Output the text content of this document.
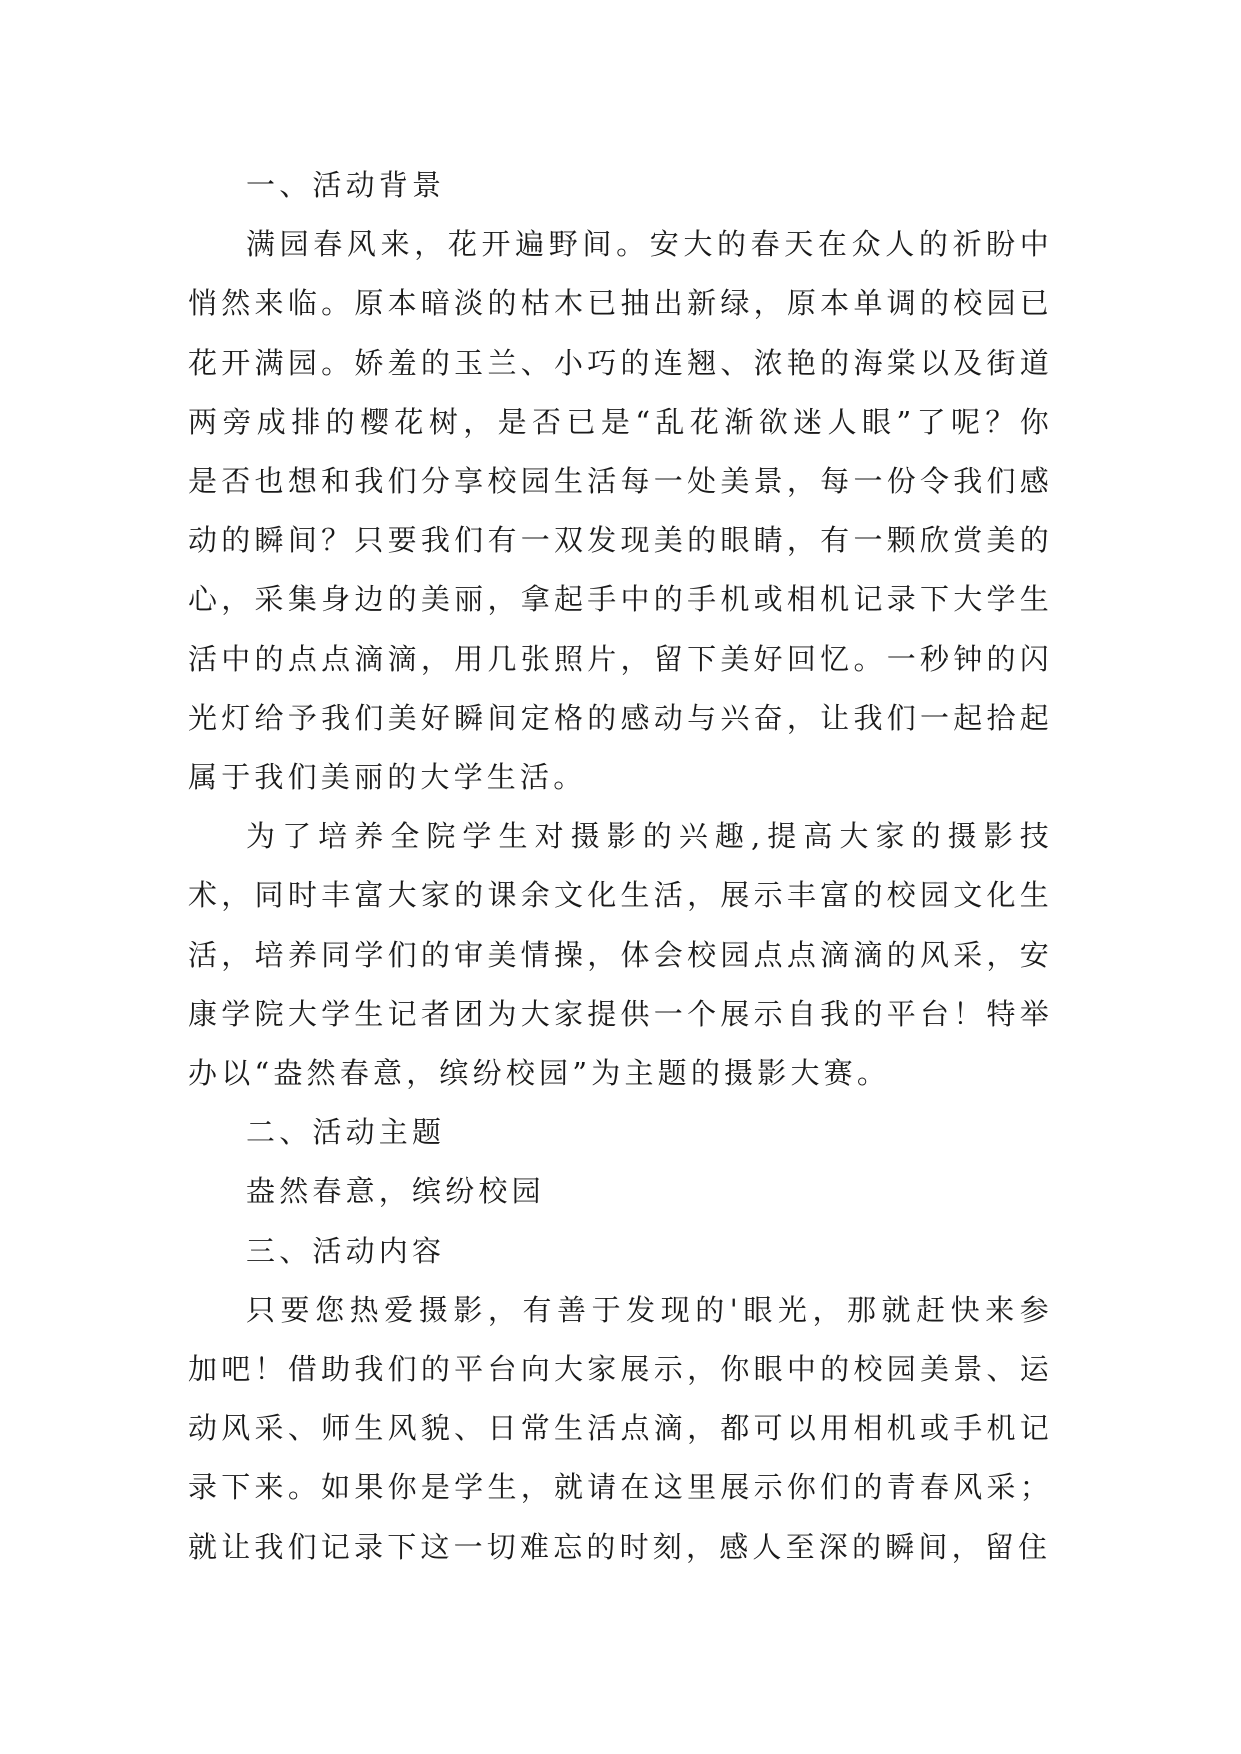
一、活动背景

满园春风来，花开遍野间。安大的春天在众人的祈盼中悄然来临。原本暗淡的枯木已抽出新绿，原本单调的校园已花开满园。娇羞的玉兰、小巧的连翘、浓艳的海棠以及街道两旁成排的樱花树，是否已是“乱花渐欲迷人眼”了呢？你是否也想和我们分享校园生活每一处美景，每一份令我们感动的瞬间？只要我们有一双发现美的眼睛，有一颗欣赏美的心，采集身边的美丽，拿起手中的手机或相机记录下大学生活中的点点滴滴，用几张照片，留下美好回忆。一秒钟的闪光灯给予我们美好瞬间定格的感动与兴奋，让我们一起拾起属于我们美丽的大学生活。

为了培养全院学生对摄影的兴趣,提高大家的摄影技术，同时丰富大家的课余文化生活，展示丰富的校园文化生活，培养同学们的审美情操，体会校园点点滴滴的风采，安康学院大学生记者团为大家提供一个展示自我的平台！特举办以“盎然春意，缤纷校园”为主题的摄影大赛。

二、活动主题

盎然春意，缤纷校园

三、活动内容

只要您热爱摄影，有善于发现的'眼光，那就赶快来参加吧！借助我们的平台向大家展示，你眼中的校园美景、运动风采、师生风貌、日常生活点滴，都可以用相机或手机记录下来。如果你是学生，就请在这里展示你们的青春风采；就让我们记录下这一切难忘的时刻，感人至深的瞬间，留住
